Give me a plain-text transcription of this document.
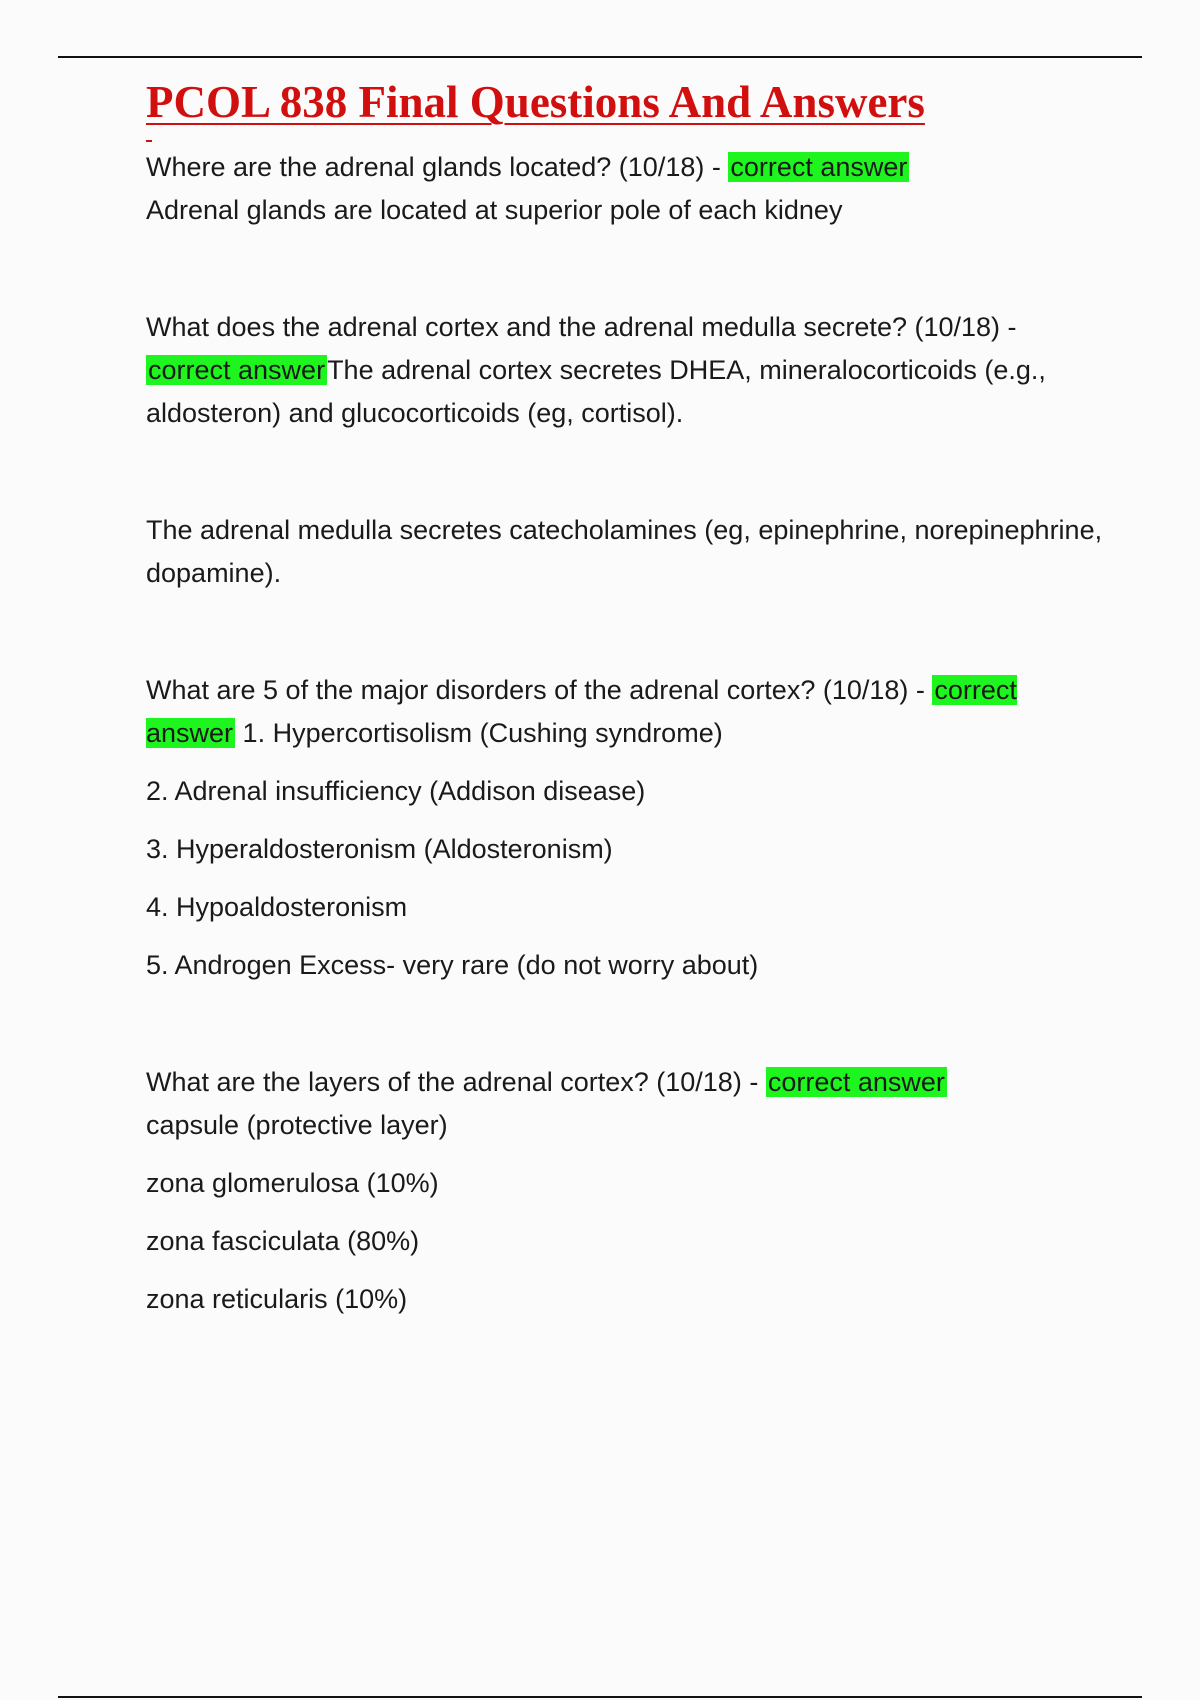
PCOL 838 Final Questions And Answers

Where are the adrenal glands located? (10/18) - correct answer
Adrenal glands are located at superior pole of each kidney

What does the adrenal cortex and the adrenal medulla secrete? (10/18) - correct answerThe adrenal cortex secretes DHEA, mineralocorticoids (e.g., aldosteron) and glucocorticoids (eg, cortisol).

The adrenal medulla secretes catecholamines (eg, epinephrine, norepinephrine, dopamine).

What are 5 of the major disorders of the adrenal cortex? (10/18) - correct answer 1. Hypercortisolism (Cushing syndrome)

2. Adrenal insufficiency (Addison disease)

3. Hyperaldosteronism (Aldosteronism)

4. Hypoaldosteronism

5. Androgen Excess- very rare (do not worry about)

What are the layers of the adrenal cortex? (10/18) - correct answer
capsule (protective layer)

zona glomerulosa (10%)

zona fasciculata (80%)

zona reticularis (10%)
